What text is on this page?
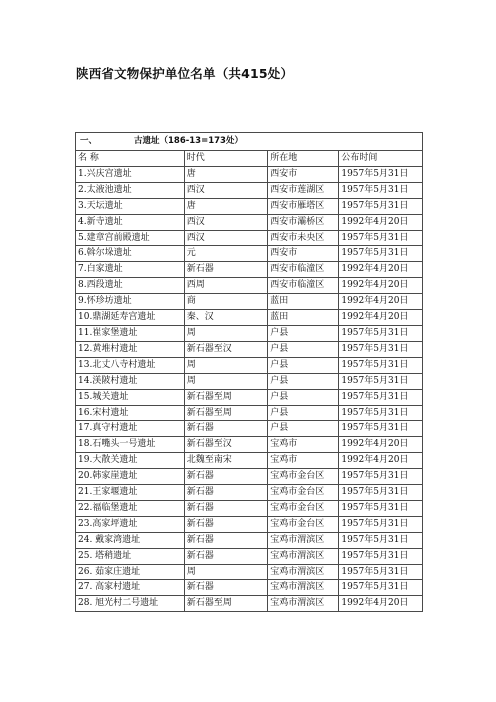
陕西省文物保护单位名单（共415处）
一、 古遗址（186-13=173处）			
名 称	时代	所在地	公布时间
1.兴庆宫遗址	唐	西安市	1957年5月31日
2.太液池遗址	西汉	西安市莲湖区	1957年5月31日
3.天坛遗址	唐	西安市雁塔区	1957年5月31日
4.新寺遗址	西汉	西安市灞桥区	1992年4月20日
5.建章宫前殿遗址	西汉	西安市未央区	1957年5月31日
6.斡尔垛遗址	元	西安市	1957年5月31日
7.白家遗址	新石器	西安市临潼区	1992年4月20日
8.西段遗址	西周	西安市临潼区	1992年4月20日
9.怀珍坊遗址	商	蓝田	1992年4月20日
10.鼎湖延寿宫遗址	秦、汉	蓝田	1992年4月20日
11.崔家堡遗址	周	户县	1957年5月31日
12.黄堆村遗址	新石器至汉	户县	1957年5月31日
13.北丈八寺村遗址	周	户县	1957年5月31日
14.渼陂村遗址	周	户县	1957年5月31日
15.城关遗址	新石器至周	户县	1957年5月31日
16.宋村遗址	新石器至周	户县	1957年5月31日
17.真守村遗址	新石器	户县	1957年5月31日
18.石嘴头一号遗址	新石器至汉	宝鸡市	1992年4月20日
19.大散关遗址	北魏至南宋	宝鸡市	1992年4月20日
20.韩家崖遗址	新石器	宝鸡市金台区	1957年5月31日
21.王家堰遗址	新石器	宝鸡市金台区	1957年5月31日
22.福临堡遗址	新石器	宝鸡市金台区	1957年5月31日
23.高家坪遗址	新石器	宝鸡市金台区	1957年5月31日
24. 戴家湾遗址	新石器	宝鸡市渭滨区	1957年5月31日
25. 塔稍遗址	新石器	宝鸡市渭滨区	1957年5月31日
26. 茹家庄遗址	周	宝鸡市渭滨区	1957年5月31日
27. 高家村遗址	新石器	宝鸡市渭滨区	1957年5月31日
28. 旭光村二号遗址	新石器至周	宝鸡市渭滨区	1992年4月20日
